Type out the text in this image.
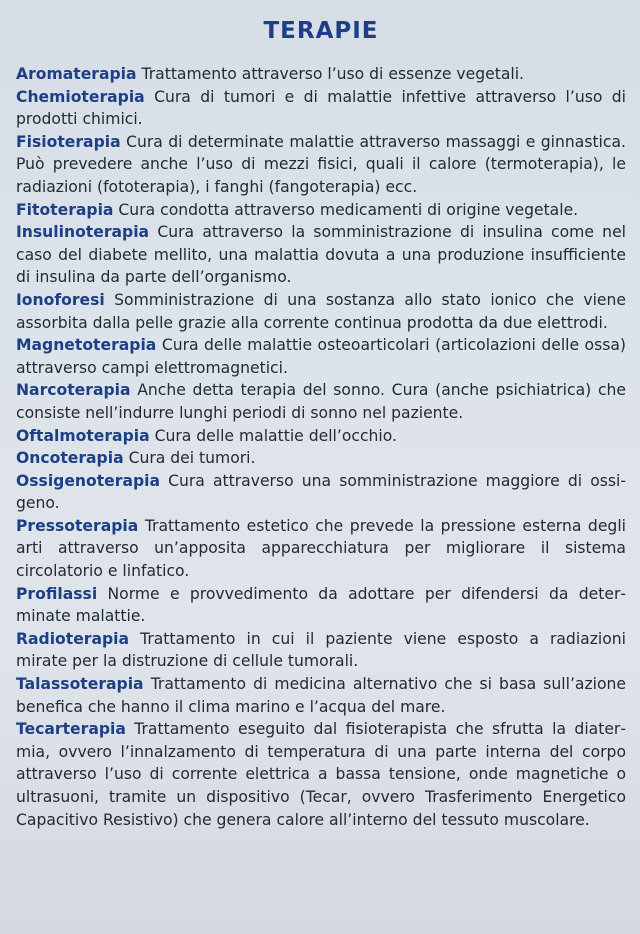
TERAPIE
Aromaterapia Trattamento attraverso l’uso di essenze vegetali.
Chemioterapia Cura di tumori e di malattie infettive attraverso l’uso di prodotti chimici.
Fisioterapia Cura di determinate malattie attraverso massaggi e ginnastica. Può prevedere anche l’uso di mezzi fisici, quali il calore (termoterapia), le radiazioni (fototerapia), i fanghi (fangoterapia) ecc.
Fitoterapia Cura condotta attraverso medicamenti di origine vegetale.
Insulinoterapia Cura attraverso la somministrazione di insulina come nel caso del diabete mellito, una malattia dovuta a una produzione insufficiente di insulina da parte dell’organismo.
Ionoforesi Somministrazione di una sostanza allo stato ionico che viene assorbita dalla pelle grazie alla corrente continua prodotta da due elettrodi.
Magnetoterapia Cura delle malattie osteoarticolari (articolazioni delle ossa) attraverso campi elettromagnetici.
Narcoterapia Anche detta terapia del sonno. Cura (anche psichiatrica) che consiste nell’indurre lunghi periodi di sonno nel paziente.
Oftalmoterapia Cura delle malattie dell’occhio.
Oncoterapia Cura dei tumori.
Ossigenoterapia Cura attraverso una somministrazione maggiore di ossigeno.
Pressoterapia Trattamento estetico che prevede la pressione esterna degli arti attraverso un’apposita apparecchiatura per migliorare il sistema circolatorio e linfatico.
Profilassi Norme e provvedimento da adottare per difendersi da determinate malattie.
Radioterapia Trattamento in cui il paziente viene esposto a radiazioni mirate per la distruzione di cellule tumorali.
Talassoterapia Trattamento di medicina alternativo che si basa sull’azione benefica che hanno il clima marino e l’acqua del mare.
Tecarterapia Trattamento eseguito dal fisioterapista che sfrutta la diatermia, ovvero l’innalzamento di temperatura di una parte interna del corpo attraverso l’uso di corrente elettrica a bassa tensione, onde magnetiche o ultrasuoni, tramite un dispositivo (Tecar, ovvero Trasferimento Energetico Capacitivo Resistivo) che genera calore all’interno del tessuto muscolare.
